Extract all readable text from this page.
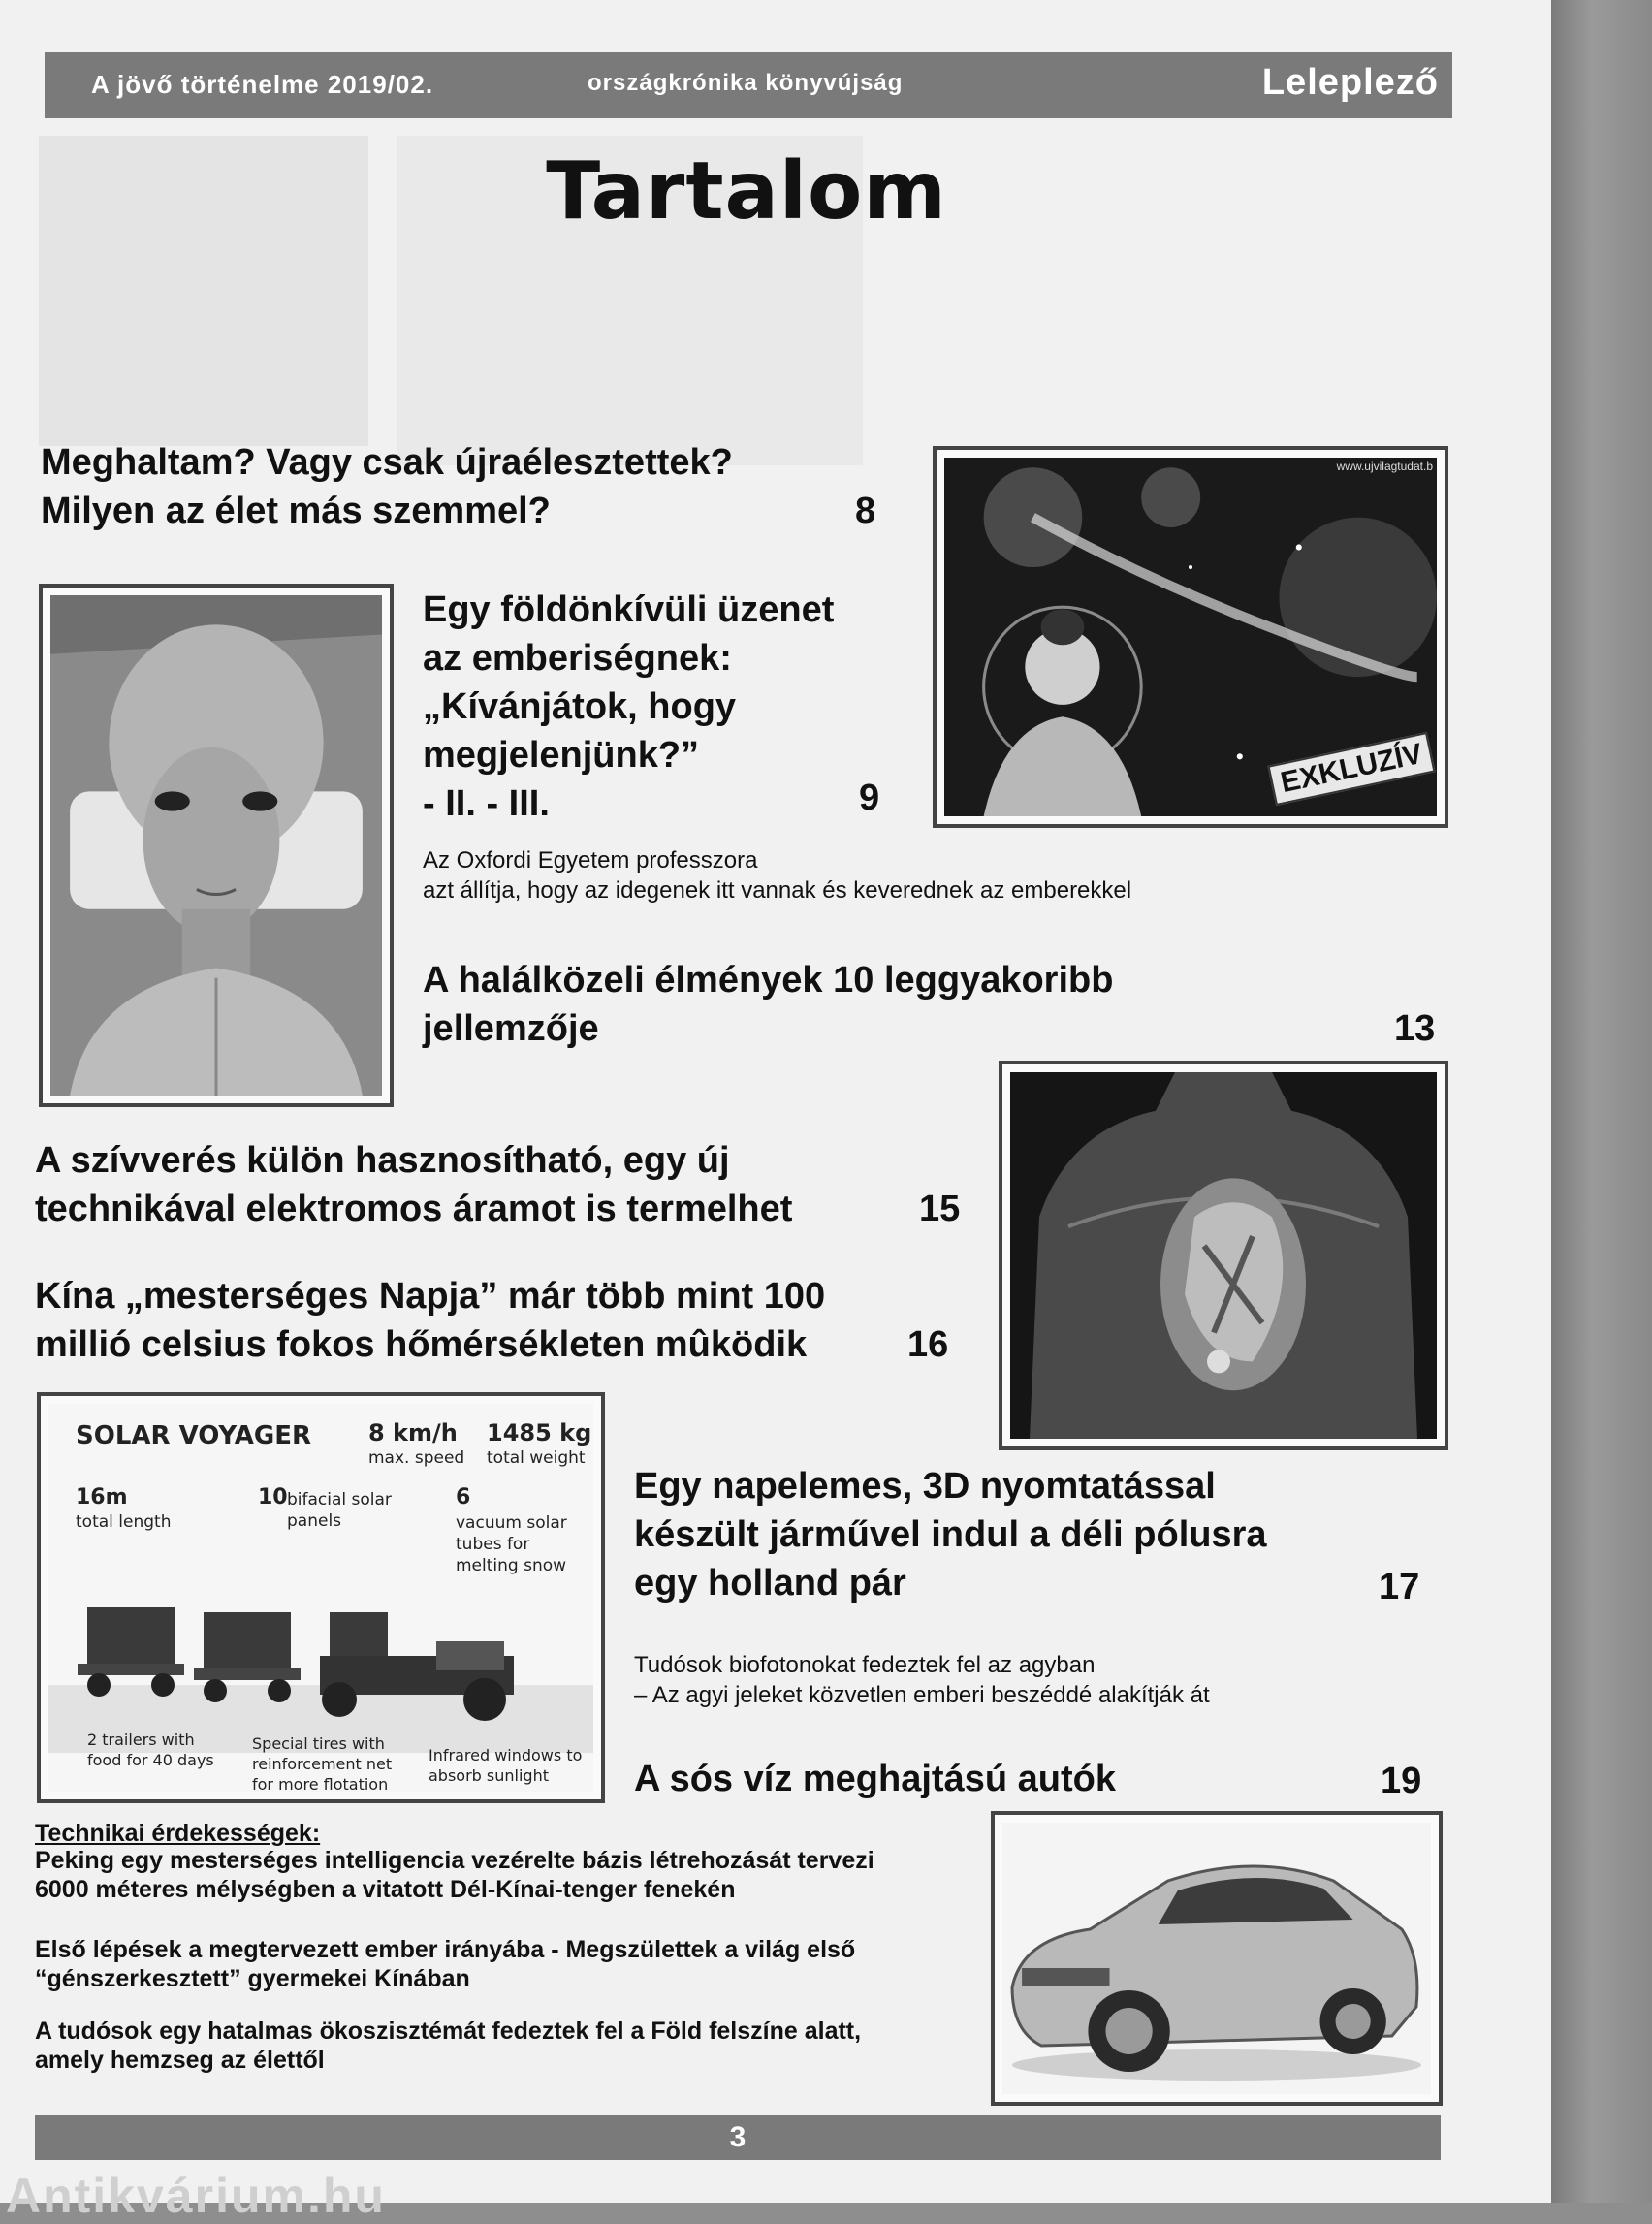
A jövő történelme 2019/02.	országkrónika könyvújság	Leleplező
Tartalom
Meghaltam? Vagy csak újraélesztettek?
Milyen az élet más szemmel?	8
www.ujvilagtudat.b
EXKLUZÍV
Egy földönkívüli üzenet
az emberiségnek:
„Kívánjátok, hogy
megjelenjünk?”
- II. - III.	9
Az Oxfordi Egyetem professzora
azt állítja, hogy az idegenek itt vannak és keverednek az emberekkel
A halálközeli élmények 10 leggyakoribb
jellemzője	13
A szívverés külön hasznosítható, egy új
technikával elektromos áramot is termelhet	15
Kína „mesterséges Napja” már több mint 100
millió celsius fokos hőmérsékleten mûködik	16
SOLAR VOYAGER 8 km/h
max. speed
1485 kg
total weight
16m
total length
10 bifacial solar
panels
6
vacuum solar
tubes for
melting snow
2 trailers with
food for 40 days
Special tires with
reinforcement net
for more flotation
Infrared windows to
absorb sunlight
Egy napelemes, 3D nyomtatással
készült járművel indul a déli pólusra
egy holland pár	17
Tudósok biofotonokat fedeztek fel az agyban
– Az agyi jeleket közvetlen emberi beszéddé alakítják át
A sós víz meghajtású autók	19
Technikai érdekességek:
Peking egy mesterséges intelligencia vezérelte bázis létrehozását tervezi
6000 méteres mélységben a vitatott Dél-Kínai-tenger fenekén
Első lépések a megtervezett ember irányába - Megszülettek a világ első
“génszerkesztett” gyermekei Kínában
A tudósok egy hatalmas ökoszisztémát fedeztek fel a Föld felszíne alatt,
amely hemzseg az élettől
3
Antikvárium.hu
